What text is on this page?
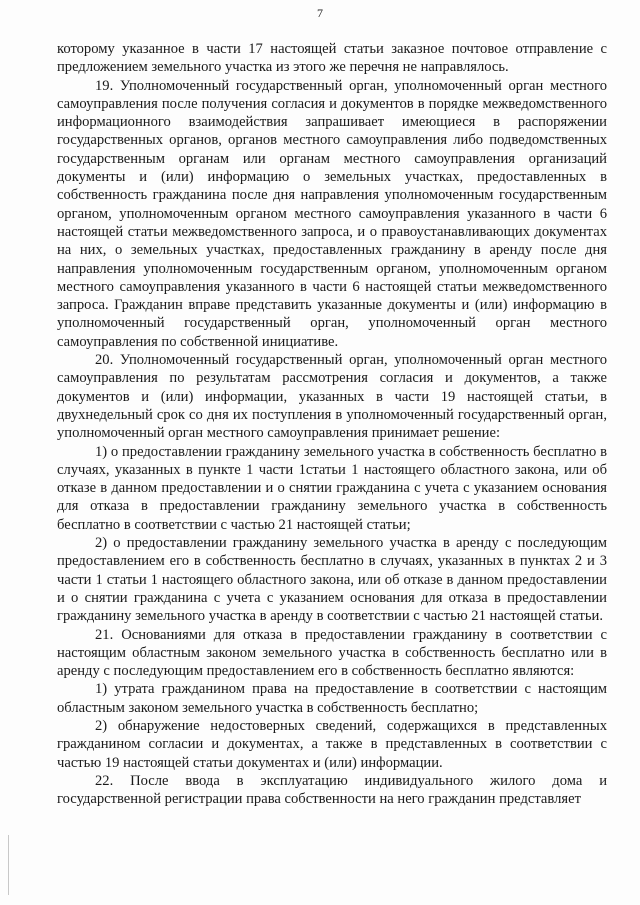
7

которому указанное в части 17 настоящей статьи заказное почтовое отправление с предложением земельного участка из этого же перечня не направлялось.

19. Уполномоченный государственный орган, уполномоченный орган местного самоуправления после получения согласия и документов в порядке межведомственного информационного взаимодействия запрашивает имеющиеся в распоряжении государственных органов, органов местного самоуправления либо подведомственных государственным органам или органам местного самоуправления организаций документы и (или) информацию о земельных участках, предоставленных в собственность гражданина после дня направления уполномоченным государственным органом, уполномоченным органом местного самоуправления указанного в части 6 настоящей статьи межведомственного запроса, и о правоустанавливающих документах на них, о земельных участках, предоставленных гражданину в аренду после дня направления уполномоченным государственным органом, уполномоченным органом местного самоуправления указанного в части 6 настоящей статьи межведомственного запроса. Гражданин вправе представить указанные документы и (или) информацию в уполномоченный государственный орган, уполномоченный орган местного самоуправления по собственной инициативе.

20. Уполномоченный государственный орган, уполномоченный орган местного самоуправления по результатам рассмотрения согласия и документов, а также документов и (или) информации, указанных в части 19 настоящей статьи, в двухнедельный срок со дня их поступления в уполномоченный государственный орган, уполномоченный орган местного самоуправления принимает решение:

1) о предоставлении гражданину земельного участка в собственность бесплатно в случаях, указанных в пункте 1 части 1статьи 1 настоящего областного закона, или об отказе в данном предоставлении и о снятии гражданина с учета с указанием основания для отказа в предоставлении гражданину земельного участка в собственность бесплатно в соответствии с частью 21 настоящей статьи;

2) о предоставлении гражданину земельного участка в аренду с последующим предоставлением его в собственность бесплатно в случаях, указанных в пунктах 2 и 3 части 1 статьи 1 настоящего областного закона, или об отказе в данном предоставлении и о снятии гражданина с учета с указанием основания для отказа в предоставлении гражданину земельного участка в аренду в соответствии с частью 21 настоящей статьи.

21. Основаниями для отказа в предоставлении гражданину в соответствии с настоящим областным законом земельного участка в собственность бесплатно или в аренду с последующим предоставлением его в собственность бесплатно являются:

1) утрата гражданином права на предоставление в соответствии с настоящим областным законом земельного участка в собственность бесплатно;

2) обнаружение недостоверных сведений, содержащихся в представленных гражданином согласии и документах, а также в представленных в соответствии с частью 19 настоящей статьи документах и (или) информации.

22. После ввода в эксплуатацию индивидуального жилого дома и государственной регистрации права собственности на него гражданин представляет
